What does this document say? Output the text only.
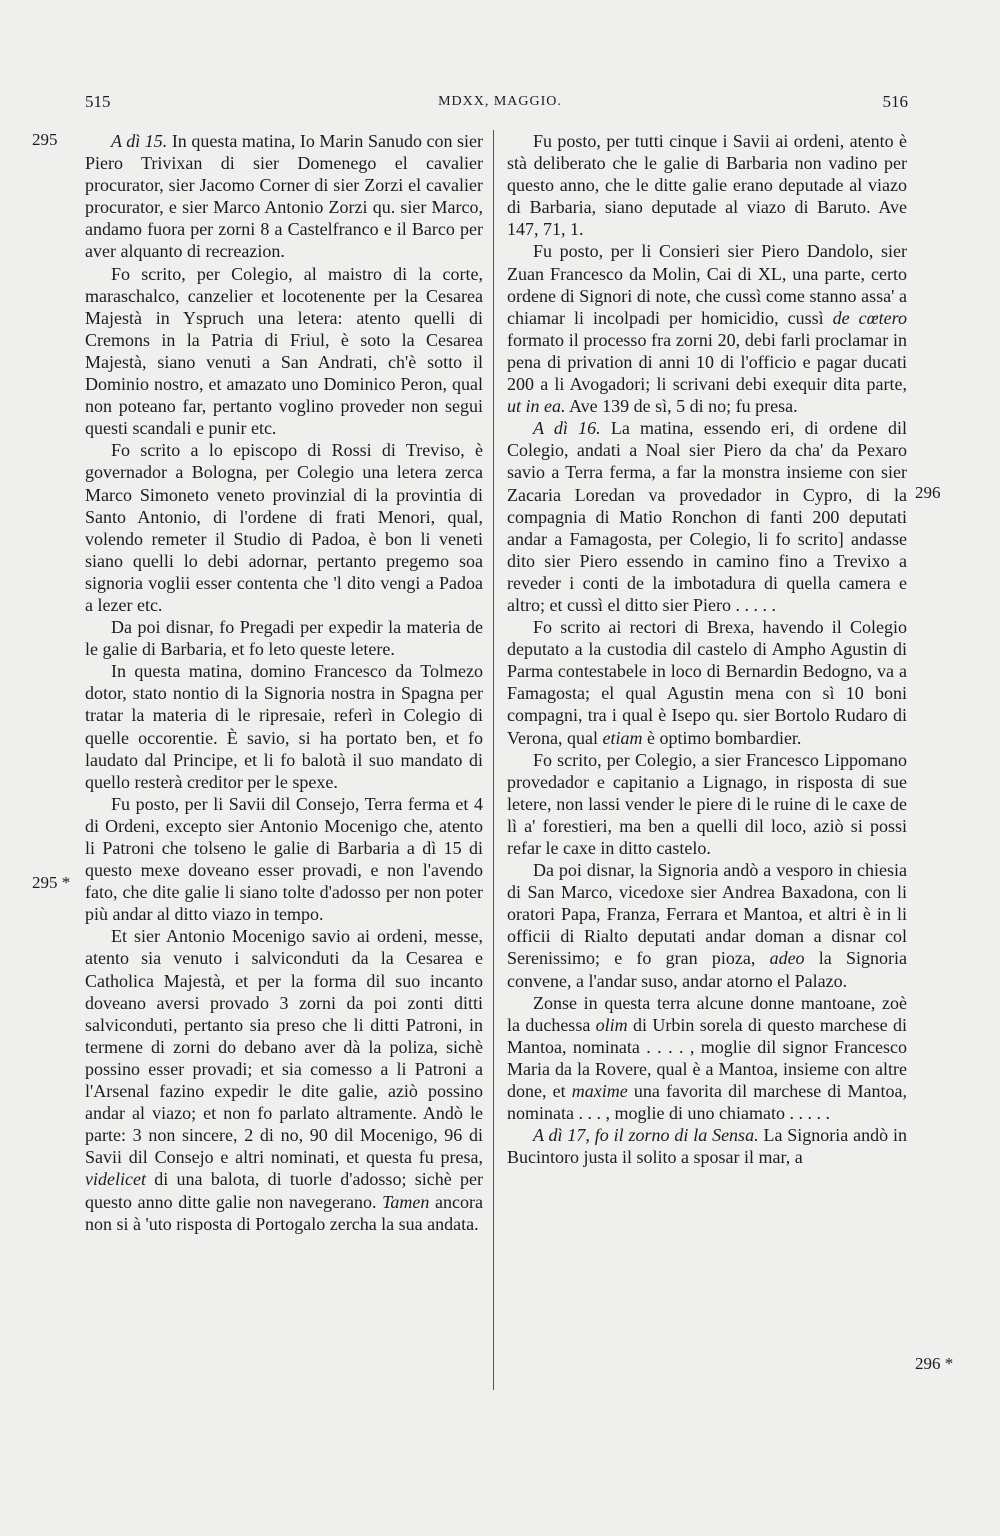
515	MDXX, MAGGIO.	516
295
295 *
296
296 *

A dì 15. In questa matina, Io Marin Sanudo con sier Piero Trivixan di sier Domenego el cavalier procurator, sier Jacomo Corner di sier Zorzi el cavalier procurator, e sier Marco Antonio Zorzi qu. sier Marco, andamo fuora per zorni 8 a Castelfranco e il Barco per aver alquanto di recreazion.

Fo scrito, per Colegio, al maistro di la corte, maraschalco, canzelier et locotenente per la Cesarea Majestà in Yspruch una letera: atento quelli di Cremons in la Patria di Friul, è soto la Cesarea Majestà, siano venuti a San Andrati, ch'è sotto il Dominio nostro, et amazato uno Dominico Peron, qual non poteano far, pertanto voglino proveder non segui questi scandali e punir etc.

Fo scrito a lo episcopo di Rossi di Treviso, è governador a Bologna, per Colegio una letera zerca Marco Simoneto veneto provinzial di la provintia di Santo Antonio, di l'ordene di frati Menori, qual, volendo remeter il Studio di Padoa, è bon li veneti siano quelli lo debi adornar, pertanto pregemo soa signoria voglii esser contenta che 'l dito vengi a Padoa a lezer etc.

Da poi disnar, fo Pregadi per expedir la materia de le galie di Barbaria, et fo leto queste letere.

In questa matina, domino Francesco da Tolmezo dotor, stato nontio di la Signoria nostra in Spagna per tratar la materia di le ripresaie, referì in Colegio di quelle occorentie. È savio, si ha portato ben, et fo laudato dal Principe, et li fo balotà il suo mandato di quello resterà creditor per le spexe.

Fu posto, per li Savii dil Consejo, Terra ferma et 4 di Ordeni, excepto sier Antonio Mocenigo che, atento li Patroni che tolseno le galie di Barbaria a dì 15 di questo mexe doveano esser provadi, e non l'avendo fato, che dite galie li siano tolte d'adosso per non poter più andar al ditto viazo in tempo.

Et sier Antonio Mocenigo savio ai ordeni, messe, atento sia venuto i salviconduti da la Cesarea e Catholica Majestà, et per la forma dil suo incanto doveano aversi provado 3 zorni da poi zonti ditti salviconduti, pertanto sia preso che li ditti Patroni, in termene di zorni do debano aver dà la poliza, sichè possino esser provadi; et sia comesso a li Patroni a l'Arsenal fazino expedir le dite galie, aziò possino andar al viazo; et non fo parlato altramente. Andò le parte: 3 non sincere, 2 di no, 90 dil Mocenigo, 96 di Savii dil Consejo e altri nominati, et questa fu presa, videlicet di una balota, di tuorle d'adosso; sichè per questo anno ditte galie non navegerano. Tamen ancora non si à 'uto risposta di Portogalo zercha la sua andata.

Fu posto, per tutti cinque i Savii ai ordeni, atento è stà deliberato che le galie di Barbaria non vadino per questo anno, che le ditte galie erano deputade al viazo di Barbaria, siano deputade al viazo di Baruto. Ave 147, 71, 1.

Fu posto, per li Consieri sier Piero Dandolo, sier Zuan Francesco da Molin, Cai di XL, una parte, certo ordene di Signori di note, che cussì come stanno assa' a chiamar li incolpadi per homicidio, cussì de cœtero formato il processo fra zorni 20, debi farli proclamar in pena di privation di anni 10 di l'officio e pagar ducati 200 a li Avogadori; li scrivani debi exequir dita parte, ut in ea. Ave 139 de sì, 5 di no; fu presa.

A dì 16. La matina, essendo eri, di ordene dil Colegio, andati a Noal sier Piero da cha' da Pexaro savio a Terra ferma, a far la monstra insieme con sier Zacaria Loredan va provedador in Cypro, di la compagnia di Matio Ronchon di fanti 200 deputati andar a Famagosta, per Colegio, li fo scrito] andasse dito sier Piero essendo in camino fino a Trevixo a reveder i conti de la imbotadura di quella camera e altro; et cussì el ditto sier Piero . . . . .

Fo scrito ai rectori di Brexa, havendo il Colegio deputato a la custodia dil castelo di Ampho Agustin di Parma contestabele in loco di Bernardin Bedogno, va a Famagosta; el qual Agustin mena con sì 10 boni compagni, tra i qual è Isepo qu. sier Bortolo Rudaro di Verona, qual etiam è optimo bombardier.

Fo scrito, per Colegio, a sier Francesco Lippomano provedador e capitanio a Lignago, in risposta di sue letere, non lassi vender le piere di le ruine di le caxe de lì a' forestieri, ma ben a quelli dil loco, aziò si possi refar le caxe in ditto castelo.

Da poi disnar, la Signoria andò a vesporo in chiesia di San Marco, vicedoxe sier Andrea Baxadona, con li oratori Papa, Franza, Ferrara et Mantoa, et altri è in li officii di Rialto deputati andar doman a disnar col Serenissimo; e fo gran pioza, adeo la Signoria convene, a l'andar suso, andar atorno el Palazo.

Zonse in questa terra alcune donne mantoane, zoè la duchessa olim di Urbin sorela di questo marchese di Mantoa, nominata . . . . , moglie dil signor Francesco Maria da la Rovere, qual è a Mantoa, insieme con altre done, et maxime una favorita dil marchese di Mantoa, nominata . . . , moglie di uno chiamato . . . . .

A dì 17, fo il zorno di la Sensa. La Signoria andò in Bucintoro justa il solito a sposar il mar, a
